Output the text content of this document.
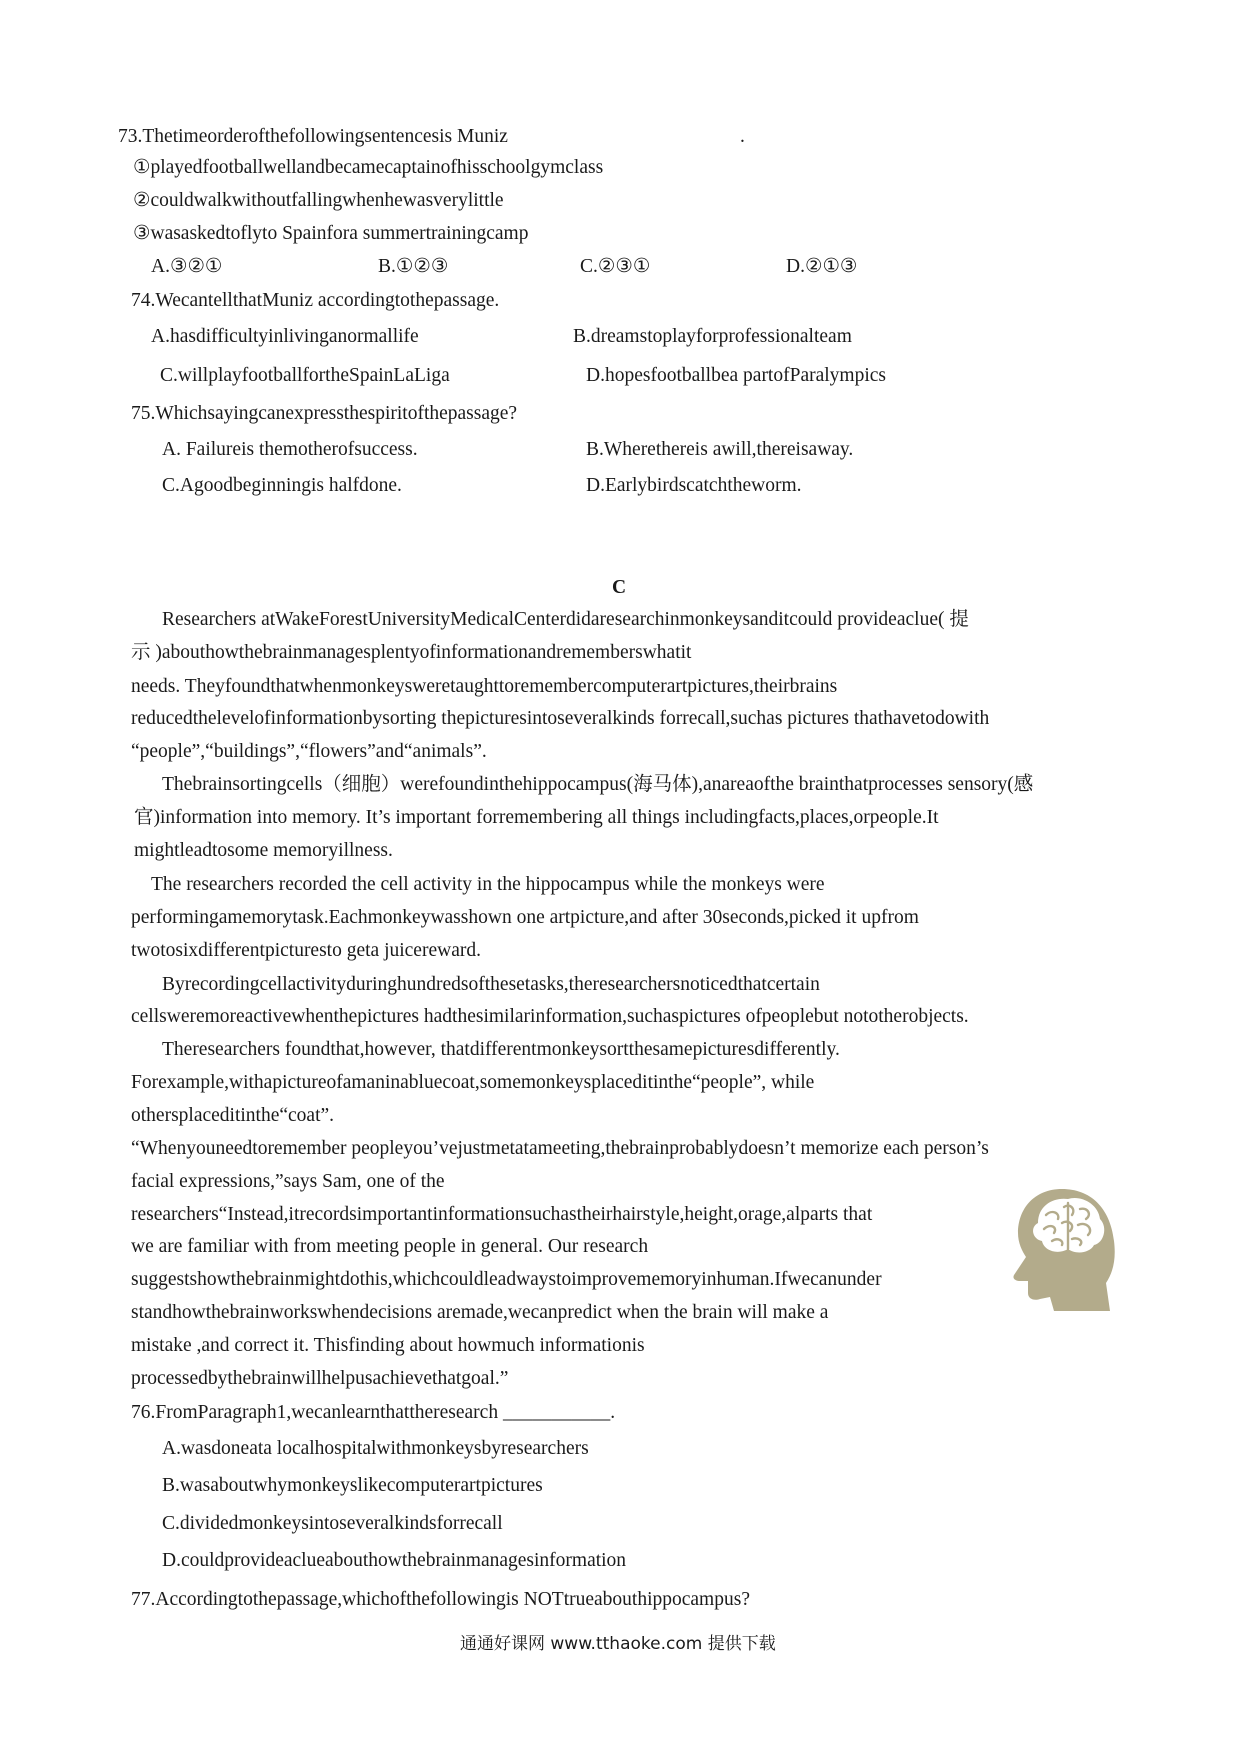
73.Thetimeorderofthefollowingsentencesis Muniz	.
①playedfootballwellandbecamecaptainofhisschoolgymclass
②couldwalkwithoutfallingwhenhewasverylittle
③wasaskedtoflyto Spainfora summertrainingcamp
A.③②①	B.①②③	C.②③①	D.②①③
74.WecantellthatMuniz accordingtothepassage.
A.hasdifficultyinlivinganormallife	B.dreamstoplayforprofessionalteam
C.willplayfootballfortheSpainLaLiga	D.hopesfootballbea partofParalympics
75.Whichsayingcanexpressthespiritofthepassage?
A. Failureis themotherofsuccess.	B.Wherethereis awill,thereisaway.
C.Agoodbeginningis halfdone.	D.Earlybirdscatchtheworm.
C
Researchers atWakeForestUniversityMedicalCenterdidaresearchinmonkeysanditcould provideaclue( 提
示 )abouthowthebrainmanagesplentyofinformationandrememberswhatit
needs. Theyfoundthatwhenmonkeysweretaughttoremembercomputerartpictures,theirbrains
reducedthelevelofinformationbysorting thepicturesintoseveralkinds forrecall,suchas pictures thathavetodowith
“people”,“buildings”,“flowers”and“animals”.
Thebrainsortingcells（细胞）werefoundinthehippocampus(海马体),anareaofthe brainthatprocesses sensory(感
官)information into memory. It’s important forremembering all things includingfacts,places,orpeople.It
mightleadtosome memoryillness.
The researchers recorded the cell activity in the hippocampus while the monkeys were
performingamemorytask.Eachmonkeywasshown one artpicture,and after 30seconds,picked it upfrom
twotosixdifferentpicturesto geta juicereward.
Byrecordingcellactivityduringhundredsofthesetasks,theresearchersnoticedthatcertain
cellsweremoreactivewhenthepictures hadthesimilarinformation,suchaspictures ofpeoplebut nototherobjects.
Theresearchers foundthat,however, thatdifferentmonkeysortthesamepicturesdifferently.
Forexample,withapictureofamaninabluecoat,somemonkeysplaceditinthe“people”, while
othersplaceditinthe“coat”.
“Whenyouneedtoremember peopleyou’vejustmetatameeting,thebrainprobablydoesn’t memorize each person’s
facial expressions,”says Sam, one of the
researchers“Instead,itrecordsimportantinformationsuchastheirhairstyle,height,orage,alparts that
we are familiar with from meeting people in general. Our research
suggestshowthebrainmightdothis,whichcouldleadwaystoimprovememoryinhuman.Ifwecanunder
standhowthebrainworkswhendecisions aremade,wecanpredict when the brain will make a
mistake ,and correct it. Thisfinding about howmuch informationis
processedbythebrainwillhelpusachievethatgoal.”
76.FromParagraph1,wecanlearnthattheresearch ___________.
A.wasdoneata localhospitalwithmonkeysbyresearchers
B.wasaboutwhymonkeyslikecomputerartpictures
C.dividedmonkeysintoseveralkindsforrecall
D.couldprovideaclueabouthowthebrainmanagesinformation
77.Accordingtothepassage,whichofthefollowingis NOTtrueabouthippocampus?
通通好课网 www.tthaoke.com 提供下载
